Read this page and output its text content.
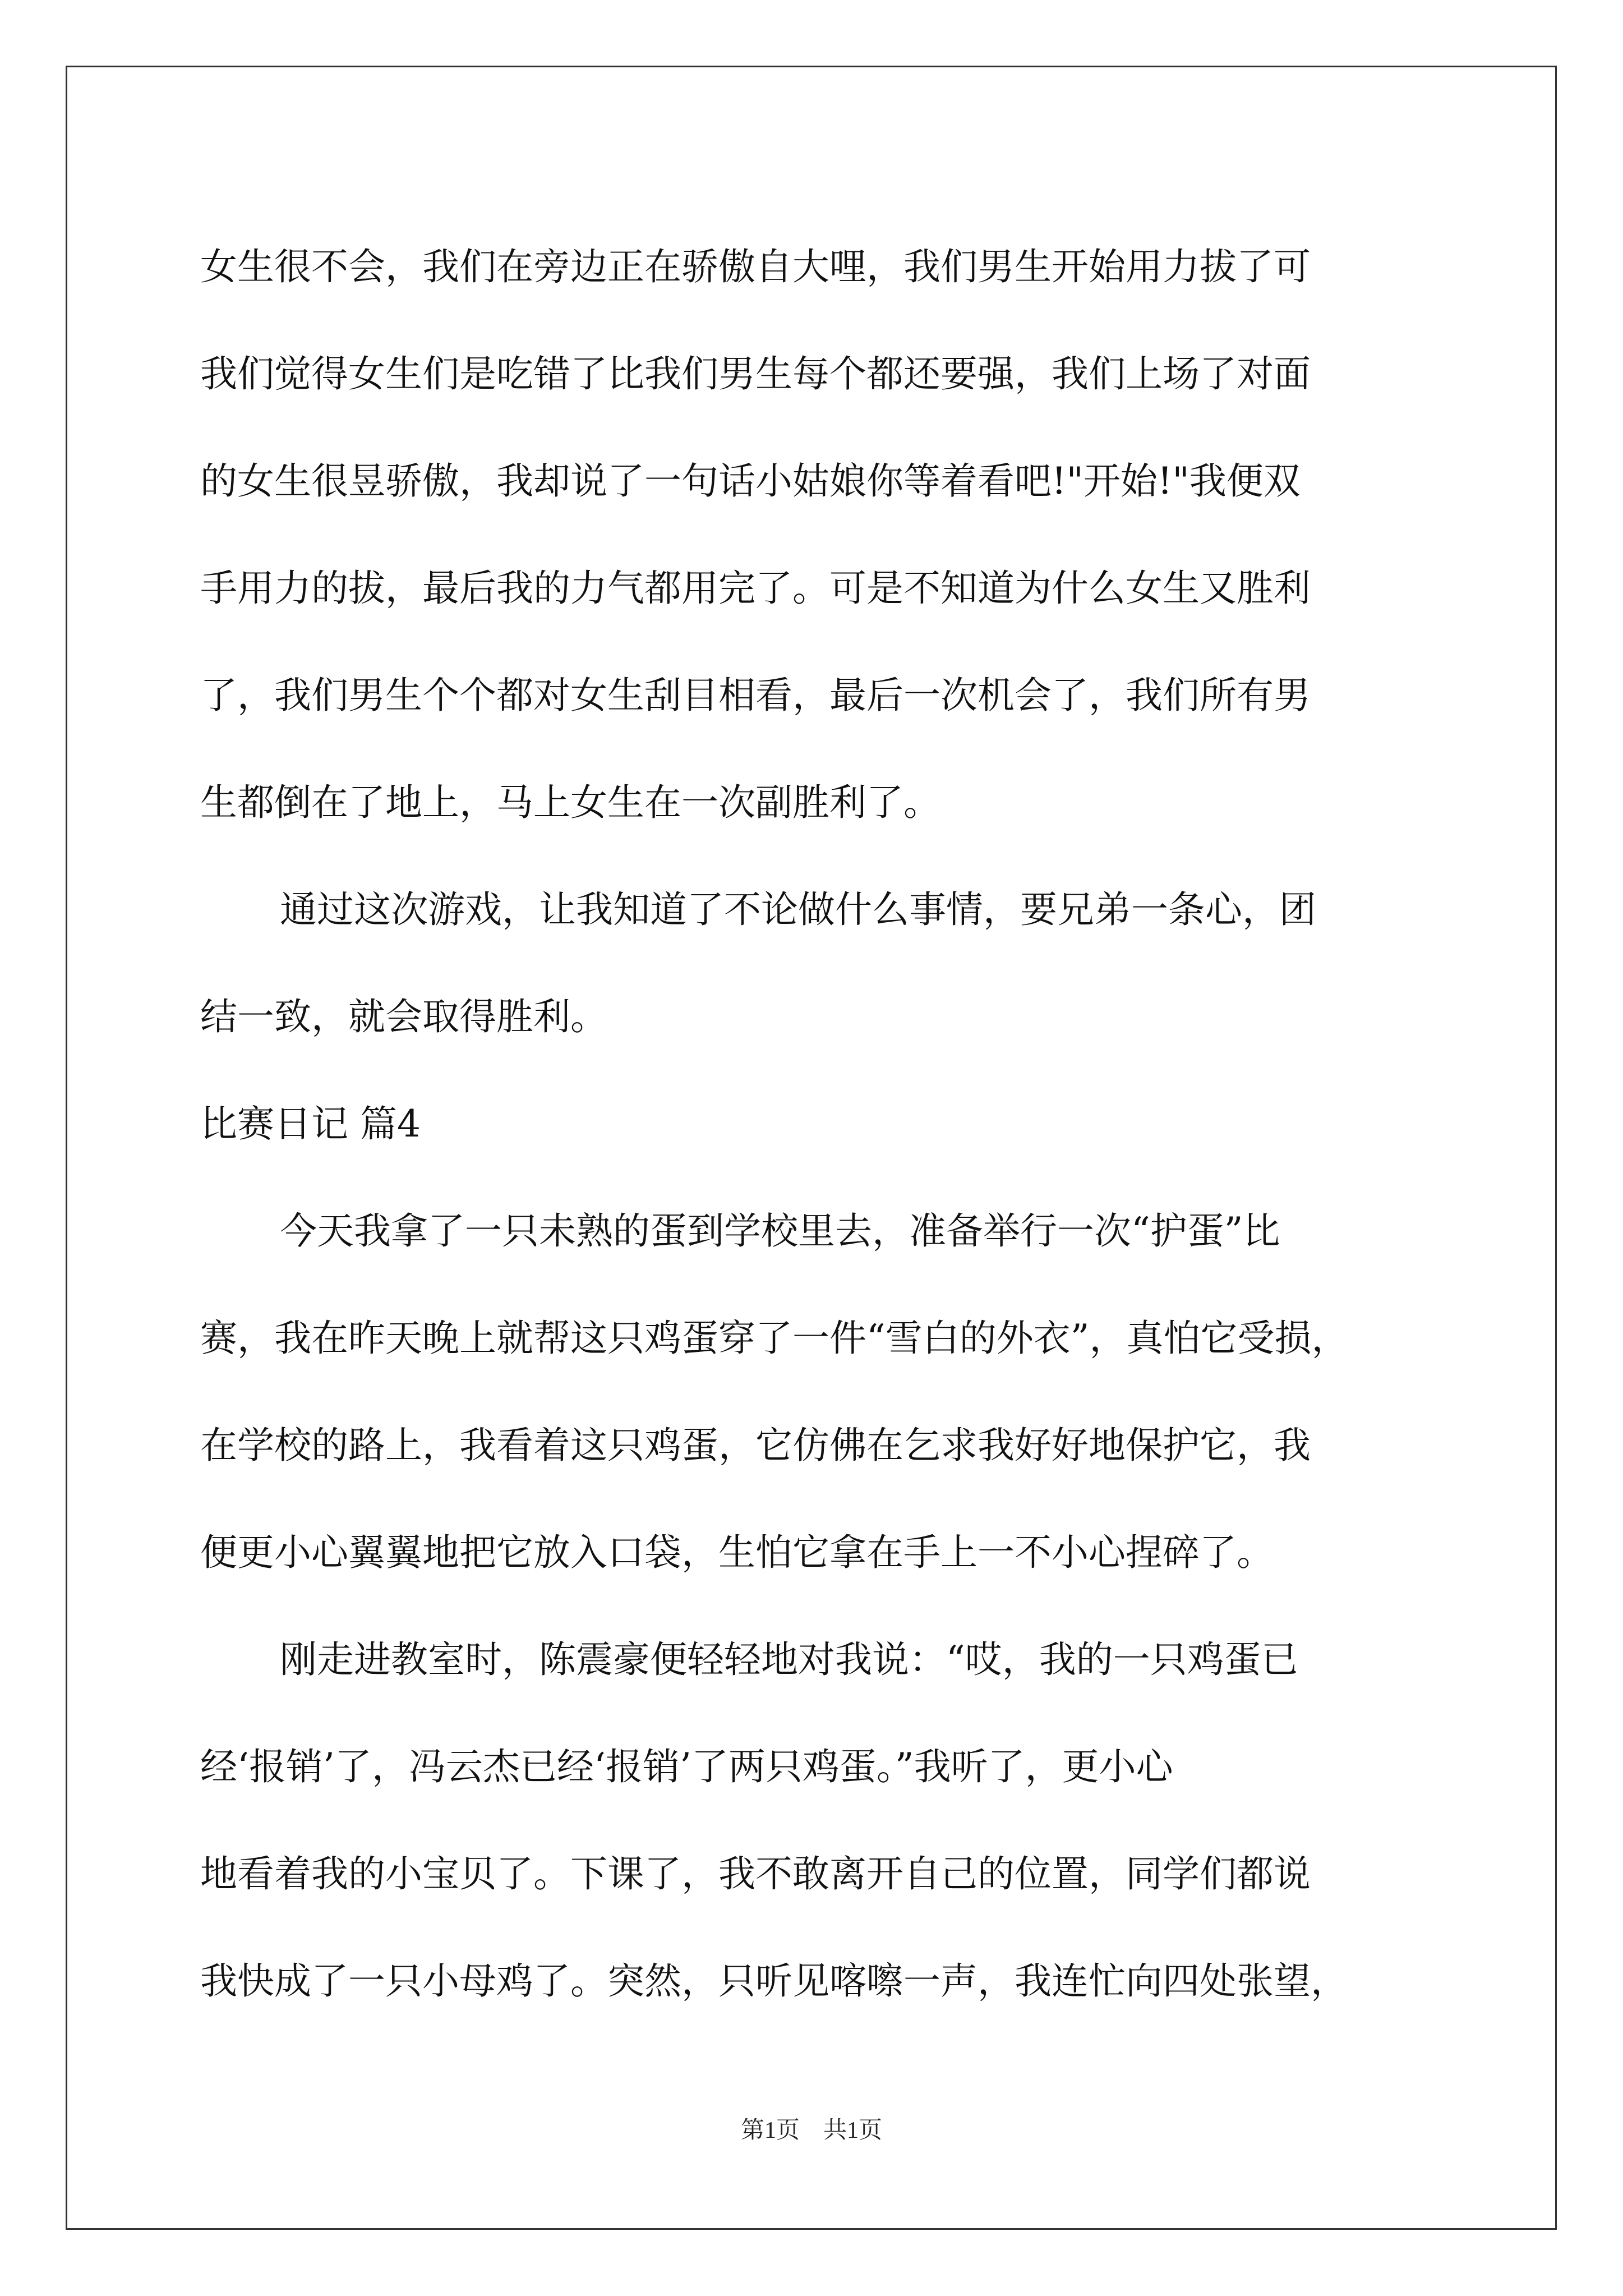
女生很不会，我们在旁边正在骄傲自大哩，我们男生开始用力拔了可
我们觉得女生们是吃错了比我们男生每个都还要强，我们上场了对面
的女生很昱骄傲，我却说了一句话小姑娘你等着看吧!"开始!"我便双
手用力的拔，最后我的力气都用完了。可是不知道为什么女生又胜利
了，我们男生个个都对女生刮目相看，最后一次机会了，我们所有男
生都倒在了地上，马上女生在一次副胜利了。
通过这次游戏，让我知道了不论做什么事情，要兄弟一条心，团
结一致，就会取得胜利。
比赛日记 篇4
今天我拿了一只未熟的蛋到学校里去，准备举行一次“护蛋”比
赛，我在昨天晚上就帮这只鸡蛋穿了一件“雪白的外衣”，真怕它受损，
在学校的路上，我看着这只鸡蛋，它仿佛在乞求我好好地保护它，我
便更小心翼翼地把它放入口袋，生怕它拿在手上一不小心捏碎了。
刚走进教室时，陈震豪便轻轻地对我说：“哎，我的一只鸡蛋已
经‘报销’了，冯云杰已经‘报销’了两只鸡蛋。”我听了，更小心
地看着我的小宝贝了。下课了，我不敢离开自己的位置，同学们都说
我快成了一只小母鸡了。突然，只听见喀嚓一声，我连忙向四处张望，
第1页　共1页
